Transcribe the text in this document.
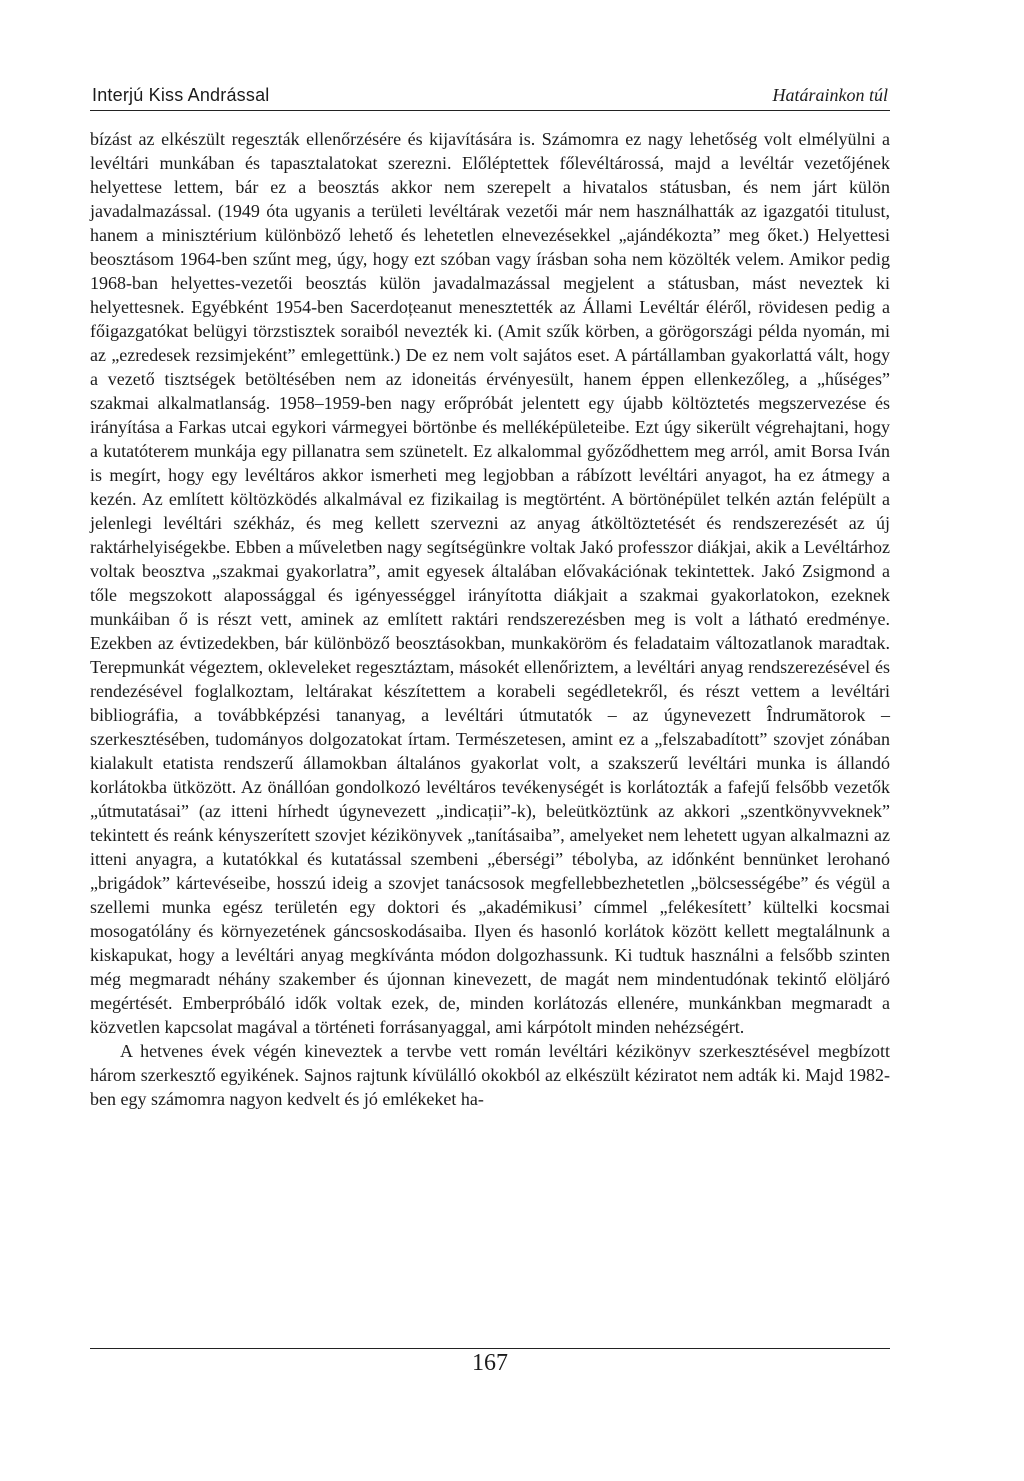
Interjú Kiss Andrással	Határainkon túl

bízást az elkészült regeszták ellenőrzésére és kijavítására is. Számomra ez nagy lehetőség volt elmélyülni a levéltári munkában és tapasztalatokat szerezni. Előléptettek főlevéltárossá, majd a levéltár vezetőjének helyettese lettem, bár ez a beosztás akkor nem szerepelt a hivatalos státusban, és nem járt külön javadalmazással. (1949 óta ugyanis a területi levéltárak vezetői már nem használhatták az igazgatói titulust, hanem a minisztérium különböző lehető és lehetetlen elnevezésekkel „ajándékozta” meg őket.) Helyettesi beosztásom 1964-ben szűnt meg, úgy, hogy ezt szóban vagy írásban soha nem közölték velem. Amikor pedig 1968-ban helyettes-vezetői beosztás külön javadalmazással megjelent a státusban, mást neveztek ki helyettesnek. Egyébként 1954-ben Sacerdoțeanut menesztették az Állami Levéltár éléről, rövidesen pedig a főigazgatókat belügyi törzstisztek soraiból nevezték ki. (Amit szűk körben, a görögországi példa nyomán, mi az „ezredesek rezsimjeként” emlegettünk.) De ez nem volt sajátos eset. A pártállamban gyakorlattá vált, hogy a vezető tisztségek betöltésében nem az idoneitás érvényesült, hanem éppen ellenkezőleg, a „hűséges” szakmai alkalmatlanság. 1958–1959-ben nagy erőpróbát jelentett egy újabb költöztetés megszervezése és irányítása a Farkas utcai egykori vármegyei börtönbe és melléképületeibe. Ezt úgy sikerült végrehajtani, hogy a kutatóterem munkája egy pillanatra sem szünetelt. Ez alkalommal győződhettem meg arról, amit Borsa Iván is megírt, hogy egy levéltáros akkor ismerheti meg legjobban a rábízott levéltári anyagot, ha ez átmegy a kezén. Az említett költözködés alkalmával ez fizikailag is megtörtént. A börtönépület telkén aztán felépült a jelenlegi levéltári székház, és meg kellett szervezni az anyag átköltöztetését és rendszerezését az új raktárhelyiségekbe. Ebben a műveletben nagy segítségünkre voltak Jakó professzor diákjai, akik a Levéltárhoz voltak beosztva „szakmai gyakorlatra”, amit egyesek általában elővakációnak tekintettek. Jakó Zsigmond a tőle megszokott alapossággal és igényességgel irányította diákjait a szakmai gyakorlatokon, ezeknek munkáiban ő is részt vett, aminek az említett raktári rendszerezésben meg is volt a látható eredménye. Ezekben az évtizedekben, bár különböző beosztásokban, munkaköröm és feladataim változatlanok maradtak. Terepmunkát végeztem, okleveleket regesztáztam, másokét ellenőriztem, a levéltári anyag rendszerezésével és rendezésével foglalkoztam, leltárakat készítettem a korabeli segédletekről, és részt vettem a levéltári bibliográfia, a továbbképzési tananyag, a levéltári útmutatók – az úgynevezett Îndrumătorok – szerkesztésében, tudományos dolgozatokat írtam. Természetesen, amint ez a „felszabadított” szovjet zónában kialakult etatista rendszerű államokban általános gyakorlat volt, a szakszerű levéltári munka is állandó korlátokba ütközött. Az önállóan gondolkozó levéltáros tevékenységét is korlátozták a fafejű felsőbb vezetők „útmutatásai” (az itteni hírhedt úgynevezett „indicații”-k), beleütköztünk az akkori „szentkönyvveknek” tekintett és reánk kényszerített szovjet kézikönyvek „tanításaiba”, amelyeket nem lehetett ugyan alkalmazni az itteni anyagra, a kutatókkal és kutatással szembeni „éberségi” tébolyba, az időnként bennünket lerohanó „brigádok” kártevéseibe, hosszú ideig a szovjet tanácsosok megfellebbezhetetlen „bölcsességébe” és végül a szellemi munka egész területén egy doktori és „akadémikusi’ címmel „felékesített’ kültelki kocsmai mosogatólány és környezetének gáncsoskodásaiba. Ilyen és hasonló korlátok között kellett megtalálnunk a kiskapukat, hogy a levéltári anyag megkívánta módon dolgozhassunk. Ki tudtuk használni a felsőbb szinten még megmaradt néhány szakember és újonnan kinevezett, de magát nem mindentudónak tekintő elöljáró megértését. Emberpróbáló idők voltak ezek, de, minden korlátozás ellenére, munkánkban megmaradt a közvetlen kapcsolat magával a történeti forrásanyaggal, ami kárpótolt minden nehézségért.

A hetvenes évek végén kineveztek a tervbe vett román levéltári kézikönyv szerkesztésével megbízott három szerkesztő egyikének. Sajnos rajtunk kívülálló okokból az elkészült kéziratot nem adták ki. Majd 1982-ben egy számomra nagyon kedvelt és jó emlékeket ha-

167
